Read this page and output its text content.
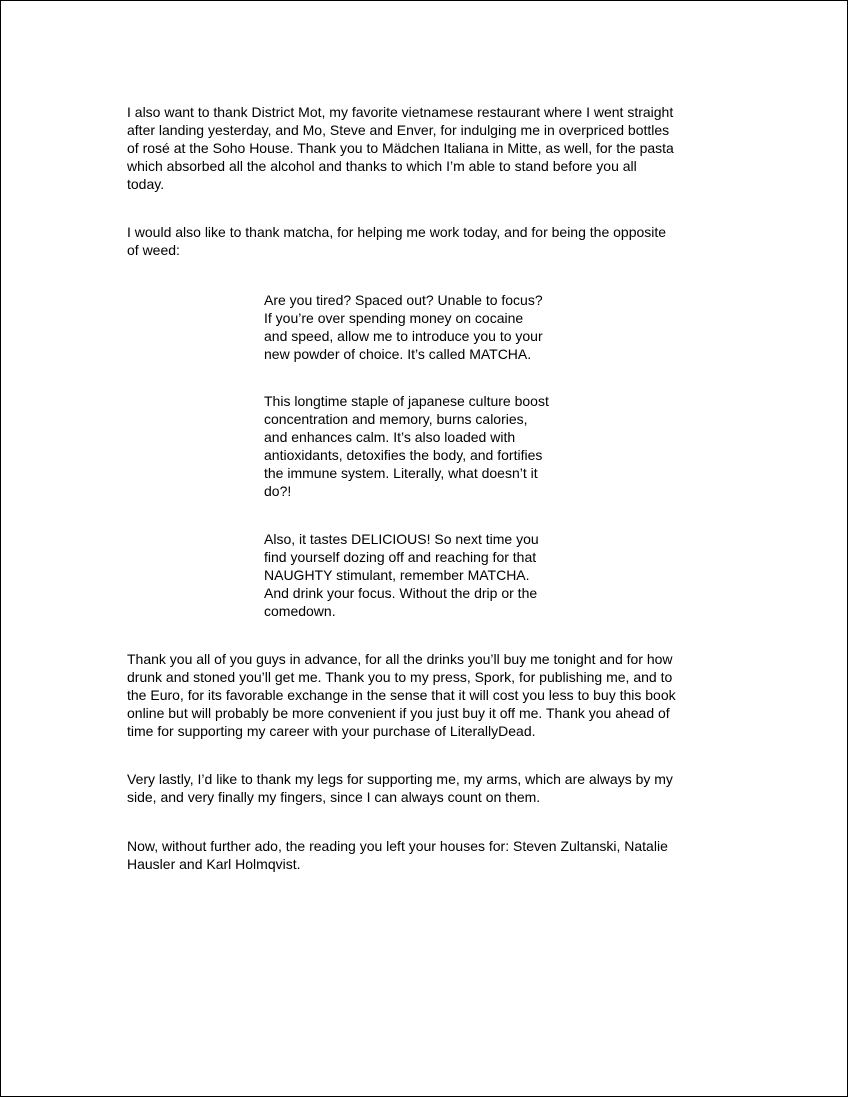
I also want to thank District Mot, my favorite vietnamese restaurant where I went straight
after landing yesterday, and Mo, Steve and Enver, for indulging me in overpriced bottles
of rosé at the Soho House. Thank you to Mädchen Italiana in Mitte, as well, for the pasta
which absorbed all the alcohol and thanks to which I’m able to stand before you all
today.

I would also like to thank matcha, for helping me work today, and for being the opposite
of weed:

Are you tired? Spaced out? Unable to focus?
If you’re over spending money on cocaine
and speed, allow me to introduce you to your
new powder of choice. It’s called MATCHA.

This longtime staple of japanese culture boost
concentration and memory, burns calories,
and enhances calm. It’s also loaded with
antioxidants, detoxifies the body, and fortifies
the immune system. Literally, what doesn’t it
do?!

Also, it tastes DELICIOUS! So next time you
find yourself dozing off and reaching for that
NAUGHTY stimulant, remember MATCHA.
And drink your focus. Without the drip or the
comedown.

Thank you all of you guys in advance, for all the drinks you’ll buy me tonight and for how
drunk and stoned you’ll get me. Thank you to my press, Spork, for publishing me, and to
the Euro, for its favorable exchange in the sense that it will cost you less to buy this book
online but will probably be more convenient if you just buy it off me. Thank you ahead of
time for supporting my career with your purchase of LiterallyDead.

Very lastly, I’d like to thank my legs for supporting me, my arms, which are always by my
side, and very finally my fingers, since I can always count on them.

Now, without further ado, the reading you left your houses for: Steven Zultanski, Natalie
Hausler and Karl Holmqvist.
